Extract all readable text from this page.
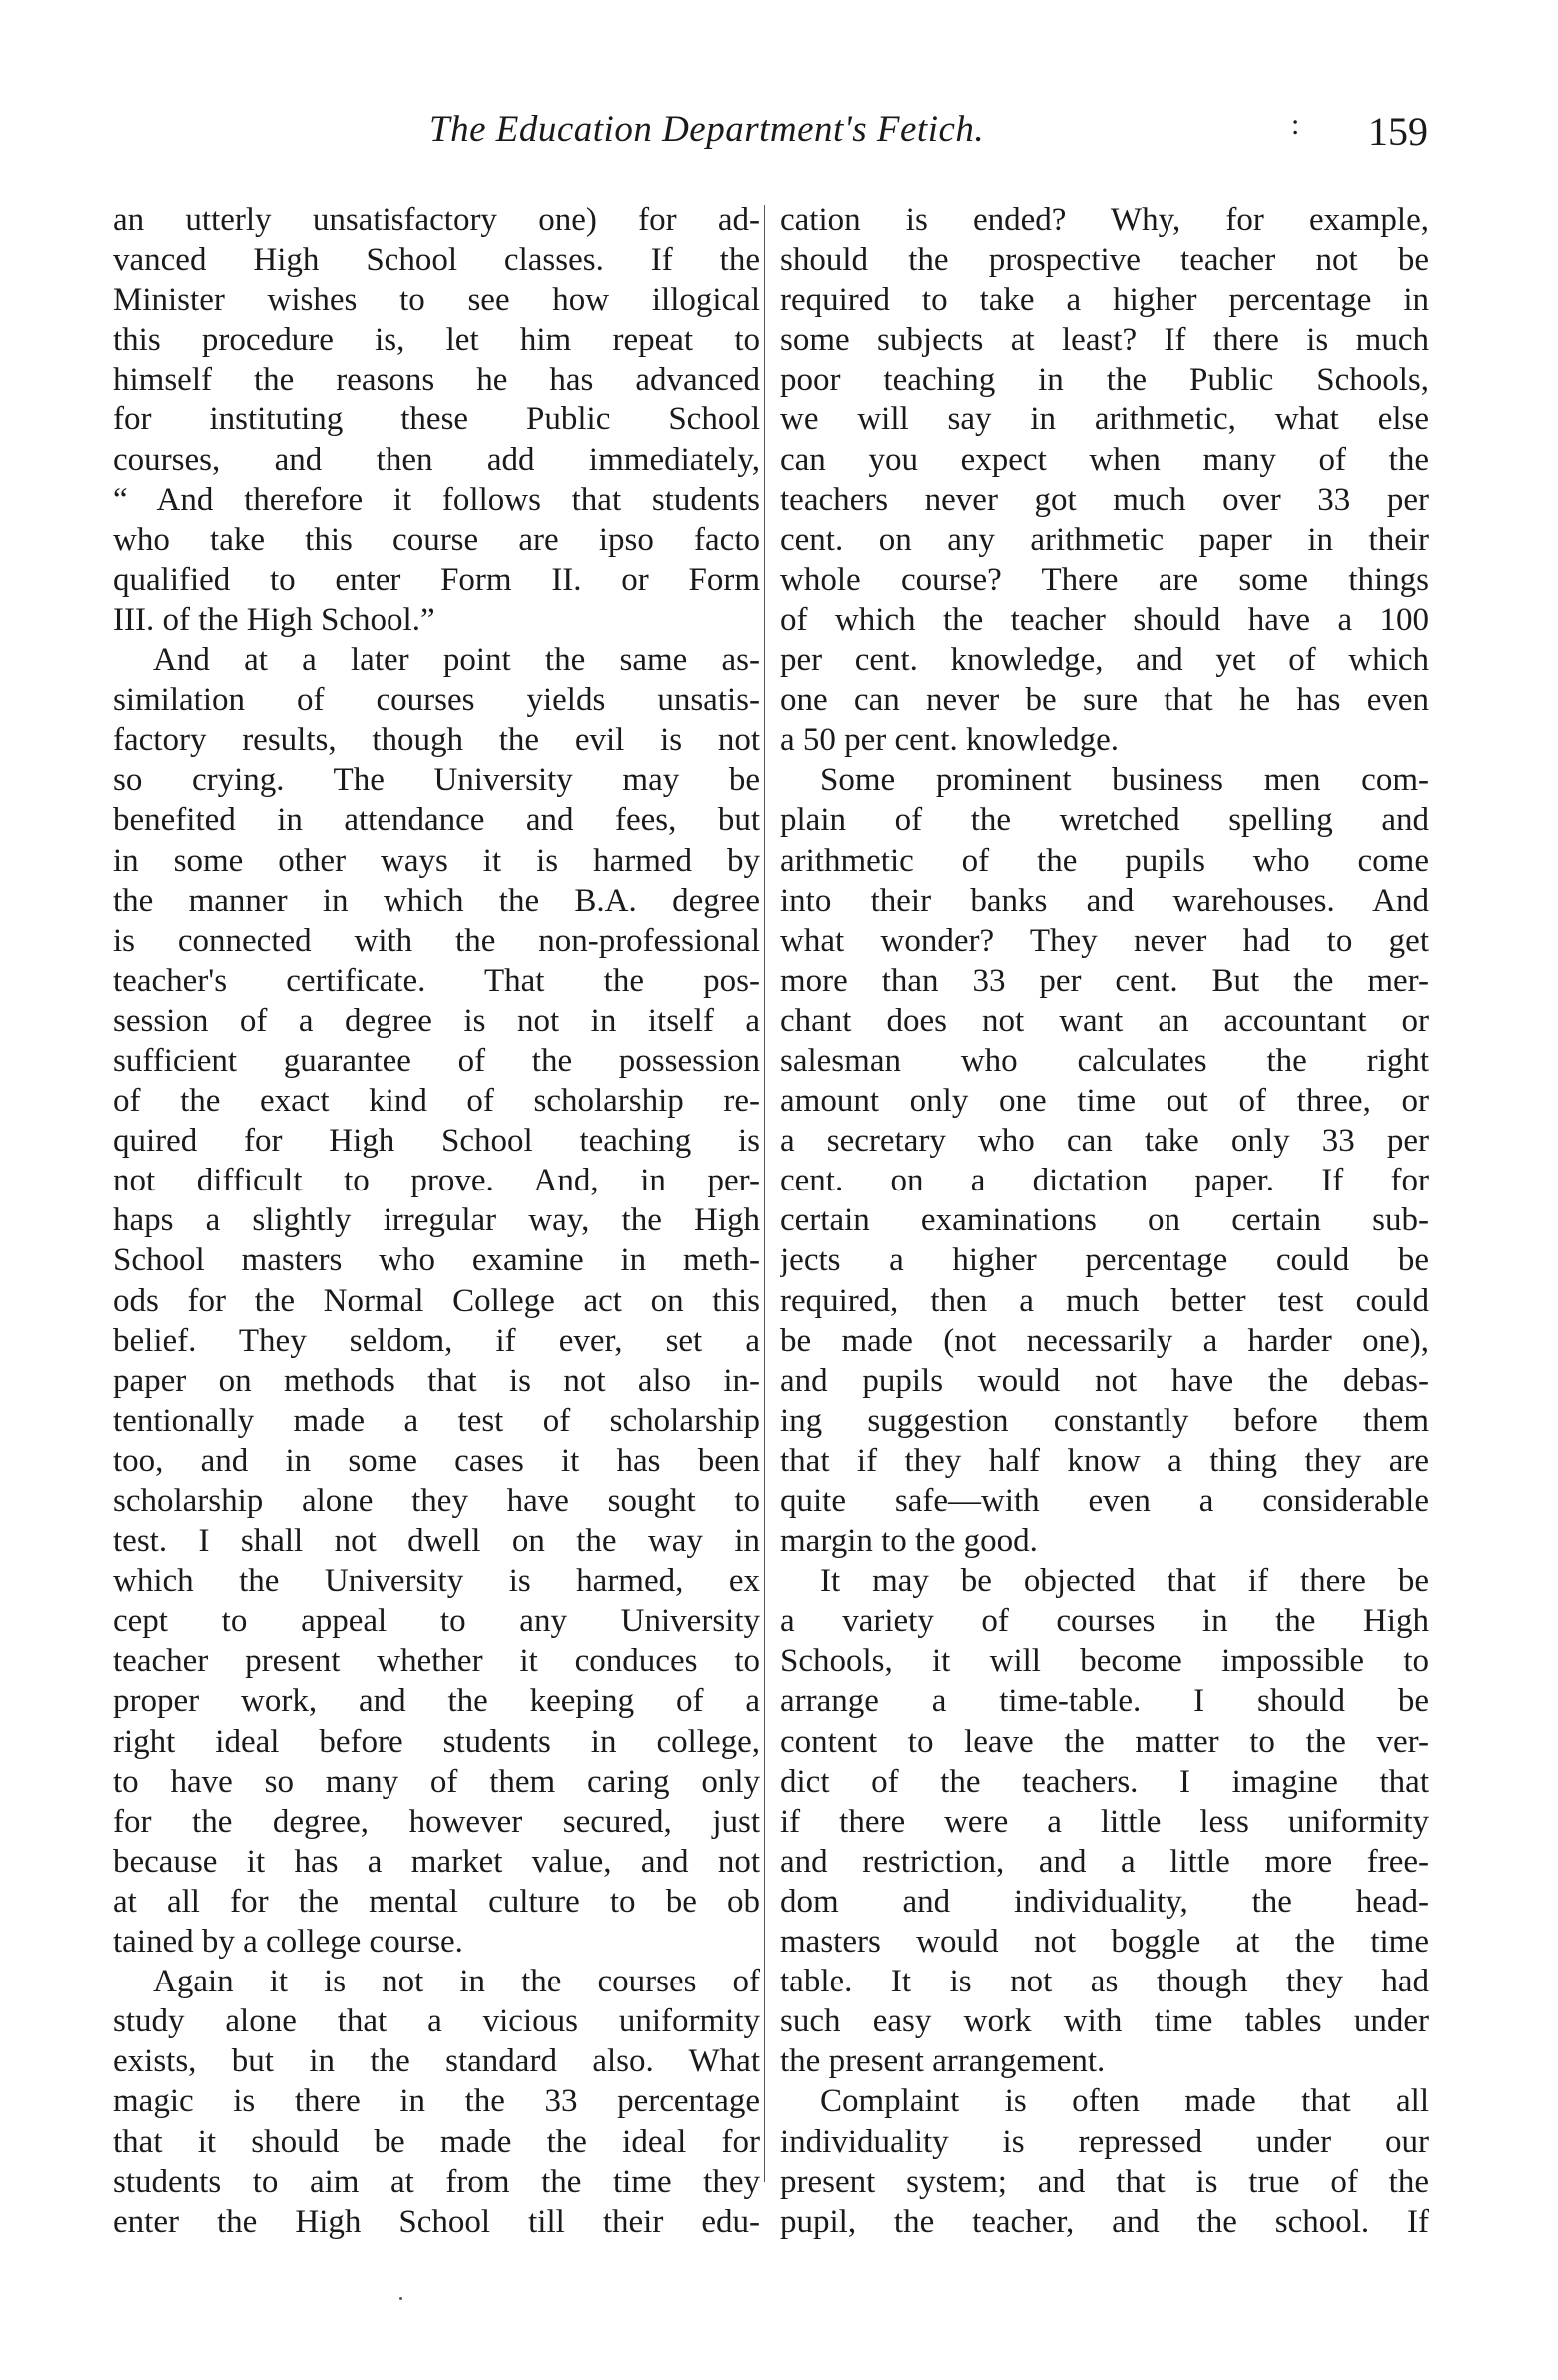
The Education Department's Fetich.	: 159
an utterly unsatisfactory one) for ad-
vanced High School classes. If the
Minister wishes to see how illogical
this procedure is, let him repeat to
himself the reasons he has advanced
for instituting these Public School
courses, and then add immediately,
“ And therefore it follows that students
who take this course are ipso facto
qualified to enter Form II. or Form
III. of the High School.”
And at a later point the same as-
similation of courses yields unsatis-
factory results, though the evil is not
so crying. The University may be
benefited in attendance and fees, but
in some other ways it is harmed by
the manner in which the B.A. degree
is connected with the non-professional
teacher's certificate. That the pos-
session of a degree is not in itself a
sufficient guarantee of the possession
of the exact kind of scholarship re-
quired for High School teaching is
not difficult to prove. And, in per-
haps a slightly irregular way, the High
School masters who examine in meth-
ods for the Normal College act on this
belief. They seldom, if ever, set a
paper on methods that is not also in-
tentionally made a test of scholarship
too, and in some cases it has been
scholarship alone they have sought to
test. I shall not dwell on the way in
which the University is harmed, ex
cept to appeal to any University
teacher present whether it conduces to
proper work, and the keeping of a
right ideal before students in college,
to have so many of them caring only
for the degree, however secured, just
because it has a market value, and not
at all for the mental culture to be ob
tained by a college course.
Again it is not in the courses of
study alone that a vicious uniformity
exists, but in the standard also. What
magic is there in the 33 percentage
that it should be made the ideal for
students to aim at from the time they
enter the High School till their edu-
cation is ended? Why, for example,
should the prospective teacher not be
required to take a higher percentage in
some subjects at least? If there is much
poor teaching in the Public Schools,
we will say in arithmetic, what else
can you expect when many of the
teachers never got much over 33 per
cent. on any arithmetic paper in their
whole course? There are some things
of which the teacher should have a 100
per cent. knowledge, and yet of which
one can never be sure that he has even
a 50 per cent. knowledge.
Some prominent business men com-
plain of the wretched spelling and
arithmetic of the pupils who come
into their banks and warehouses. And
what wonder? They never had to get
more than 33 per cent. But the mer-
chant does not want an accountant or
salesman who calculates the right
amount only one time out of three, or
a secretary who can take only 33 per
cent. on a dictation paper. If for
certain examinations on certain sub-
jects a higher percentage could be
required, then a much better test could
be made (not necessarily a harder one),
and pupils would not have the debas-
ing suggestion constantly before them
that if they half know a thing they are
quite safe—with even a considerable
margin to the good.
It may be objected that if there be
a variety of courses in the High
Schools, it will become impossible to
arrange a time-table. I should be
content to leave the matter to the ver-
dict of the teachers. I imagine that
if there were a little less uniformity
and restriction, and a little more free-
dom and individuality, the head-
masters would not boggle at the time
table. It is not as though they had
such easy work with time tables under
the present arrangement.
Complaint is often made that all
individuality is repressed under our
present system; and that is true of the
pupil, the teacher, and the school. If
